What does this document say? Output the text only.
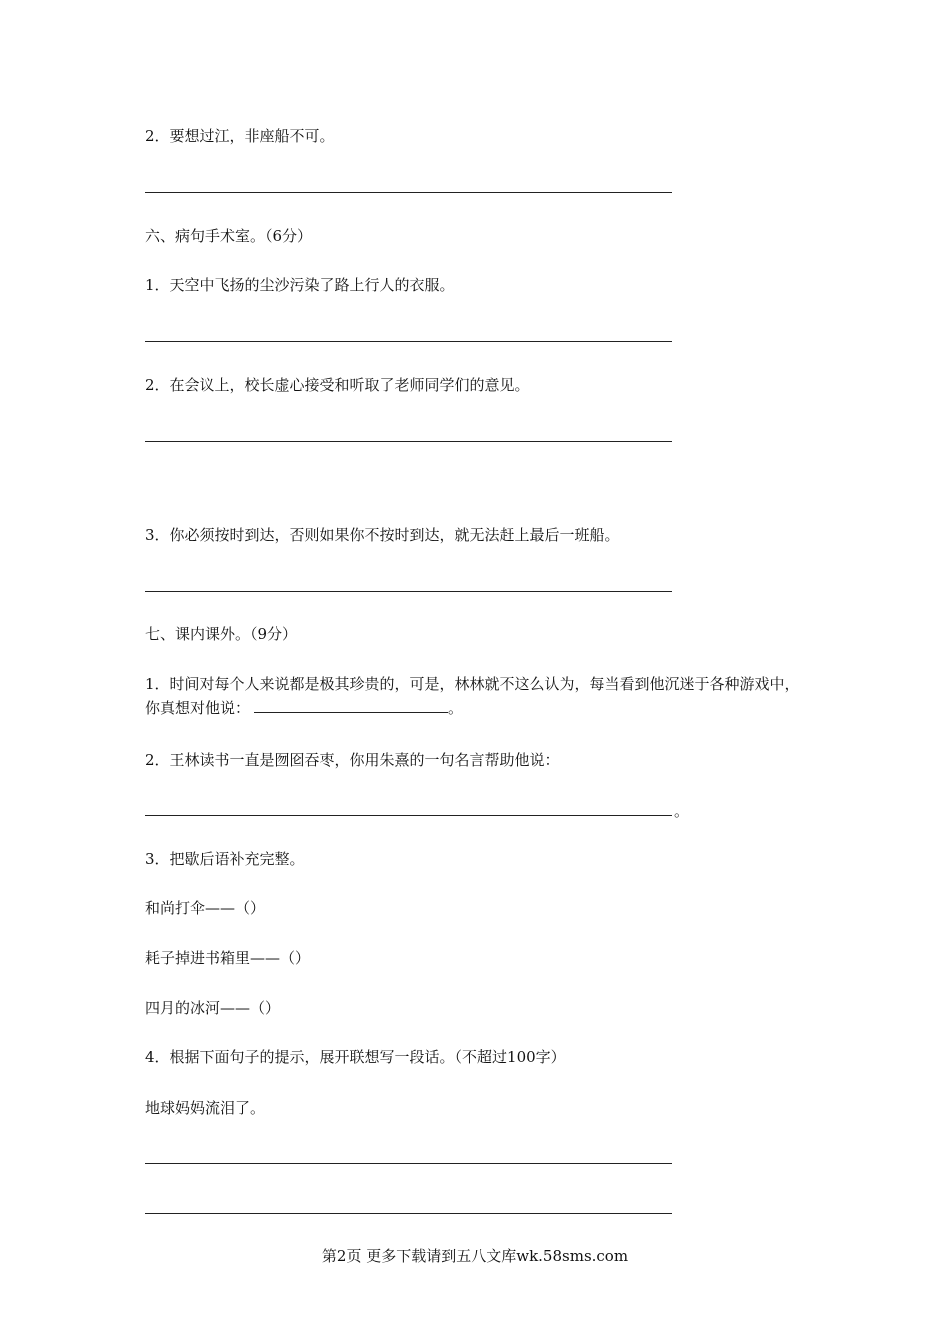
2．要想过江，非座船不可。
六、病句手术室。（6分）
1．天空中飞扬的尘沙污染了路上行人的衣服。
2．在会议上，校长虚心接受和听取了老师同学们的意见。
3．你必须按时到达，否则如果你不按时到达，就无法赶上最后一班船。
七、课内课外。（9分）
1．时间对每个人来说都是极其珍贵的，可是，林林就不这么认为，每当看到他沉迷于各种游戏中，你真想对他说：	。
2．王林读书一直是囫囵吞枣，你用朱熹的一句名言帮助他说：
。
3．把歇后语补充完整。
和尚打伞——（）
耗子掉进书箱里——（）
四月的冰河——（）
4．根据下面句子的提示，展开联想写一段话。（不超过100字）
地球妈妈流泪了。
第2页 更多下载请到五八文库wk.58sms.com
